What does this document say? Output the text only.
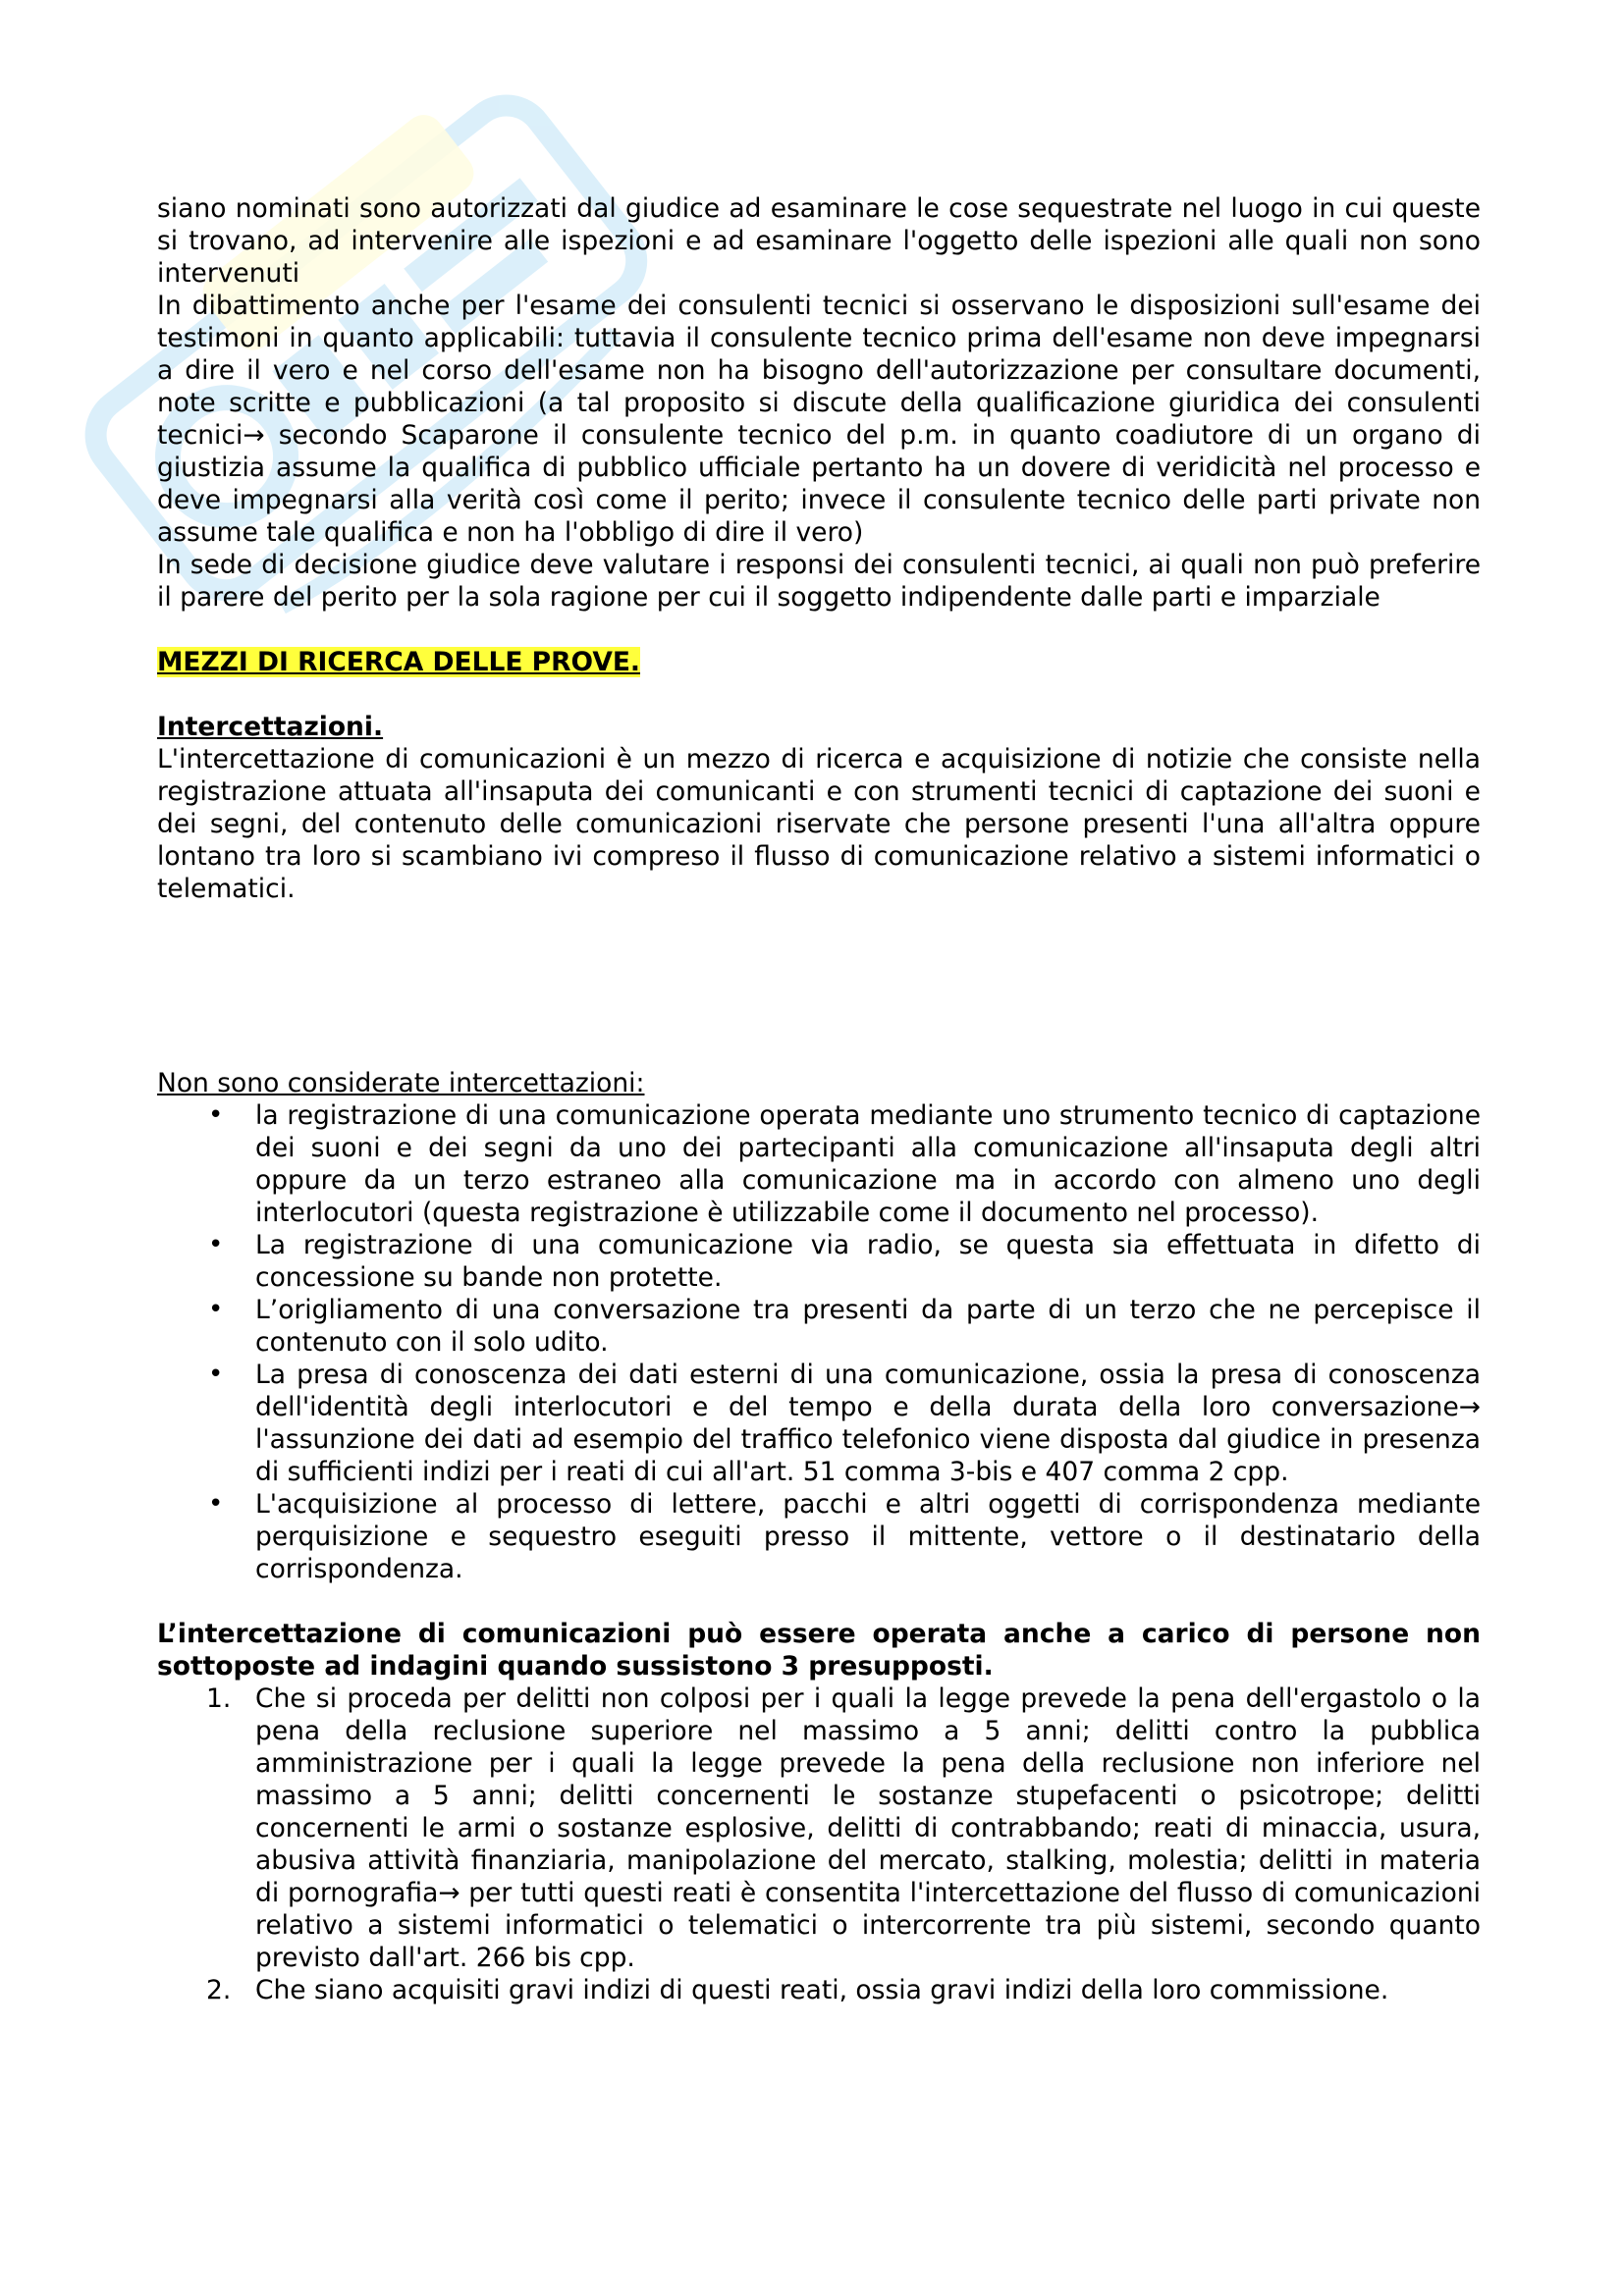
siano nominati sono autorizzati dal giudice ad esaminare le cose sequestrate nel luogo in cui queste si trovano, ad intervenire alle ispezioni e ad esaminare l'oggetto delle ispezioni alle quali non sono intervenuti

In dibattimento anche per l'esame dei consulenti tecnici si osservano le disposizioni sull'esame dei testimoni in quanto applicabili: tuttavia il consulente tecnico prima dell'esame non deve impegnarsi a dire il vero e nel corso dell'esame non ha bisogno dell'autorizzazione per consultare documenti, note scritte e pubblicazioni (a tal proposito si discute della qualificazione giuridica dei consulenti tecnici→ secondo Scaparone il consulente tecnico del p.m. in quanto coadiutore di un organo di giustizia assume la qualifica di pubblico ufficiale pertanto ha un dovere di veridicità nel processo e deve impegnarsi alla verità così come il perito; invece il consulente tecnico delle parti private non assume tale qualifica e non ha l'obbligo di dire il vero)

In sede di decisione giudice deve valutare i responsi dei consulenti tecnici, ai quali non può preferire il parere del perito per la sola ragione per cui il soggetto indipendente dalle parti e imparziale

MEZZI DI RICERCA DELLE PROVE.

Intercettazioni.

L'intercettazione di comunicazioni è un mezzo di ricerca e acquisizione di notizie che consiste nella registrazione attuata all'insaputa dei comunicanti e con strumenti tecnici di captazione dei suoni e dei segni, del contenuto delle comunicazioni riservate che persone presenti l'una all'altra oppure lontano tra loro si scambiano ivi compreso il flusso di comunicazione relativo a sistemi informatici o telematici.

Non sono considerate intercettazioni:

• la registrazione di una comunicazione operata mediante uno strumento tecnico di captazione dei suoni e dei segni da uno dei partecipanti alla comunicazione all'insaputa degli altri oppure da un terzo estraneo alla comunicazione ma in accordo con almeno uno degli interlocutori (questa registrazione è utilizzabile come il documento nel processo).
• La registrazione di una comunicazione via radio, se questa sia effettuata in difetto di concessione su bande non protette.
• L’origliamento di una conversazione tra presenti da parte di un terzo che ne percepisce il contenuto con il solo udito.
• La presa di conoscenza dei dati esterni di una comunicazione, ossia la presa di conoscenza dell'identità degli interlocutori e del tempo e della durata della loro conversazione→ l'assunzione dei dati ad esempio del traffico telefonico viene disposta dal giudice in presenza di sufficienti indizi per i reati di cui all'art. 51 comma 3-bis e 407 comma 2 cpp.
• L'acquisizione al processo di lettere, pacchi e altri oggetti di corrispondenza mediante perquisizione e sequestro eseguiti presso il mittente, vettore o il destinatario della corrispondenza.

L’intercettazione di comunicazioni può essere operata anche a carico di persone non sottoposte ad indagini quando sussistono 3 presupposti.

1. Che si proceda per delitti non colposi per i quali la legge prevede la pena dell'ergastolo o la pena della reclusione superiore nel massimo a 5 anni; delitti contro la pubblica amministrazione per i quali la legge prevede la pena della reclusione non inferiore nel massimo a 5 anni; delitti concernenti le sostanze stupefacenti o psicotrope; delitti concernenti le armi o sostanze esplosive, delitti di contrabbando; reati di minaccia, usura, abusiva attività finanziaria, manipolazione del mercato, stalking, molestia; delitti in materia di pornografia→ per tutti questi reati è consentita l'intercettazione del flusso di comunicazioni relativo a sistemi informatici o telematici o intercorrente tra più sistemi, secondo quanto previsto dall'art. 266 bis cpp.
2. Che siano acquisiti gravi indizi di questi reati, ossia gravi indizi della loro commissione.
